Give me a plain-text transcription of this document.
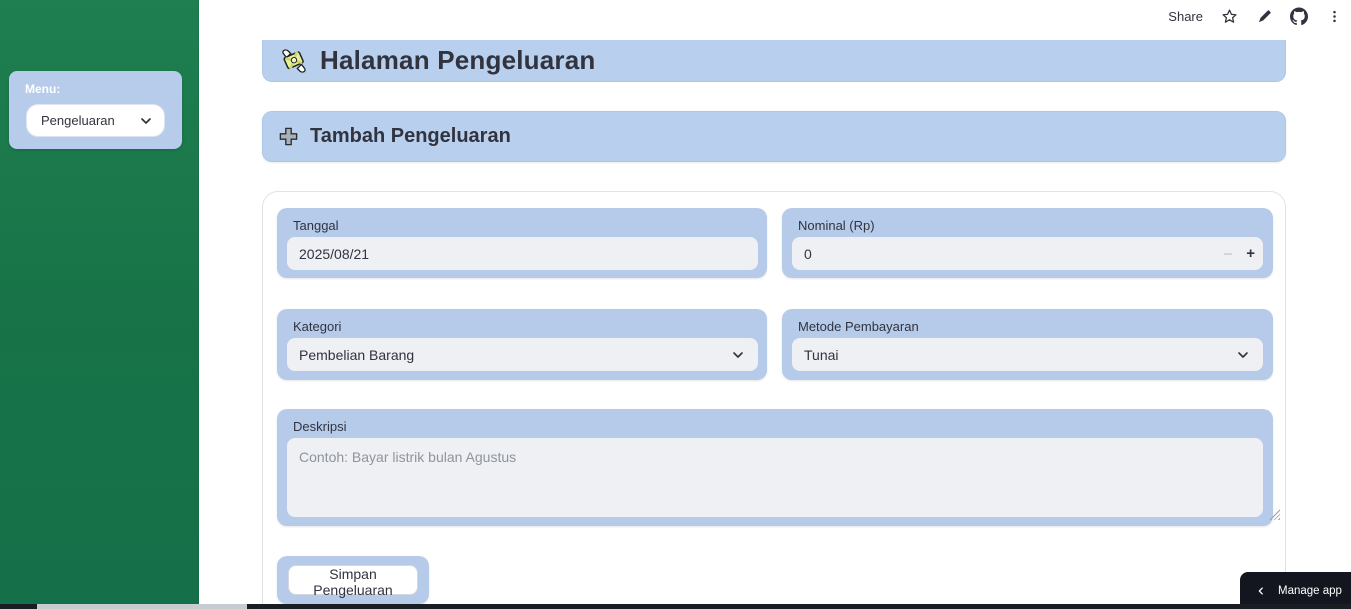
Menu:
Pengeluaran
Share
Halaman Pengeluaran
Tambah Pengeluaran
Tanggal
2025/08/21	Nominal (Rp)
0
– +
Kategori
Pembelian Barang
Metode Pembayaran
Tunai
Deskripsi
Contoh: Bayar listrik bulan Agustus
Simpan Pengeluaran	Manage app
